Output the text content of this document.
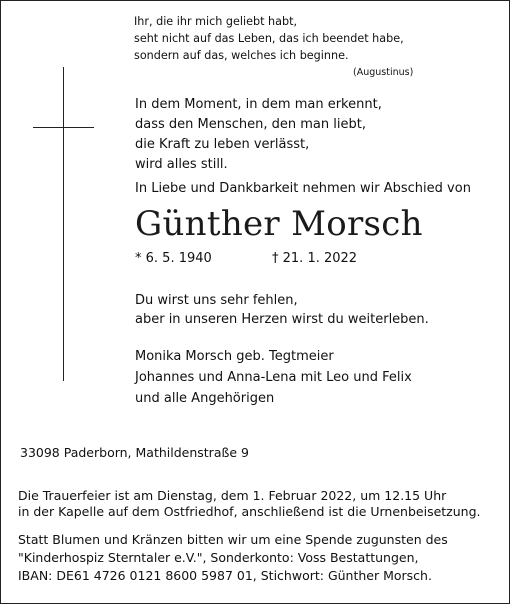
Ihr, die ihr mich geliebt habt,
seht nicht auf das Leben, das ich beendet habe,
sondern auf das, welches ich beginne.
(Augustinus)
In dem Moment, in dem man erkennt,
dass den Menschen, den man liebt,
die Kraft zu leben verlässt,
wird alles still.
In Liebe und Dankbarkeit nehmen wir Abschied von
Günther Morsch
* 6. 5. 1940	† 21. 1. 2022
Du wirst uns sehr fehlen,
aber in unseren Herzen wirst du weiterleben.
Monika Morsch geb. Tegtmeier
Johannes und Anna-Lena mit Leo und Felix
und alle Angehörigen
33098 Paderborn, Mathildenstraße 9
Die Trauerfeier ist am Dienstag, dem 1. Februar 2022, um 12.15 Uhr
in der Kapelle auf dem Ostfriedhof, anschließend ist die Urnenbeisetzung.
Statt Blumen und Kränzen bitten wir um eine Spende zugunsten des
"Kinderhospiz Sterntaler e.V.", Sonderkonto: Voss Bestattungen,
IBAN: DE61 4726 0121 8600 5987 01, Stichwort: Günther Morsch.
